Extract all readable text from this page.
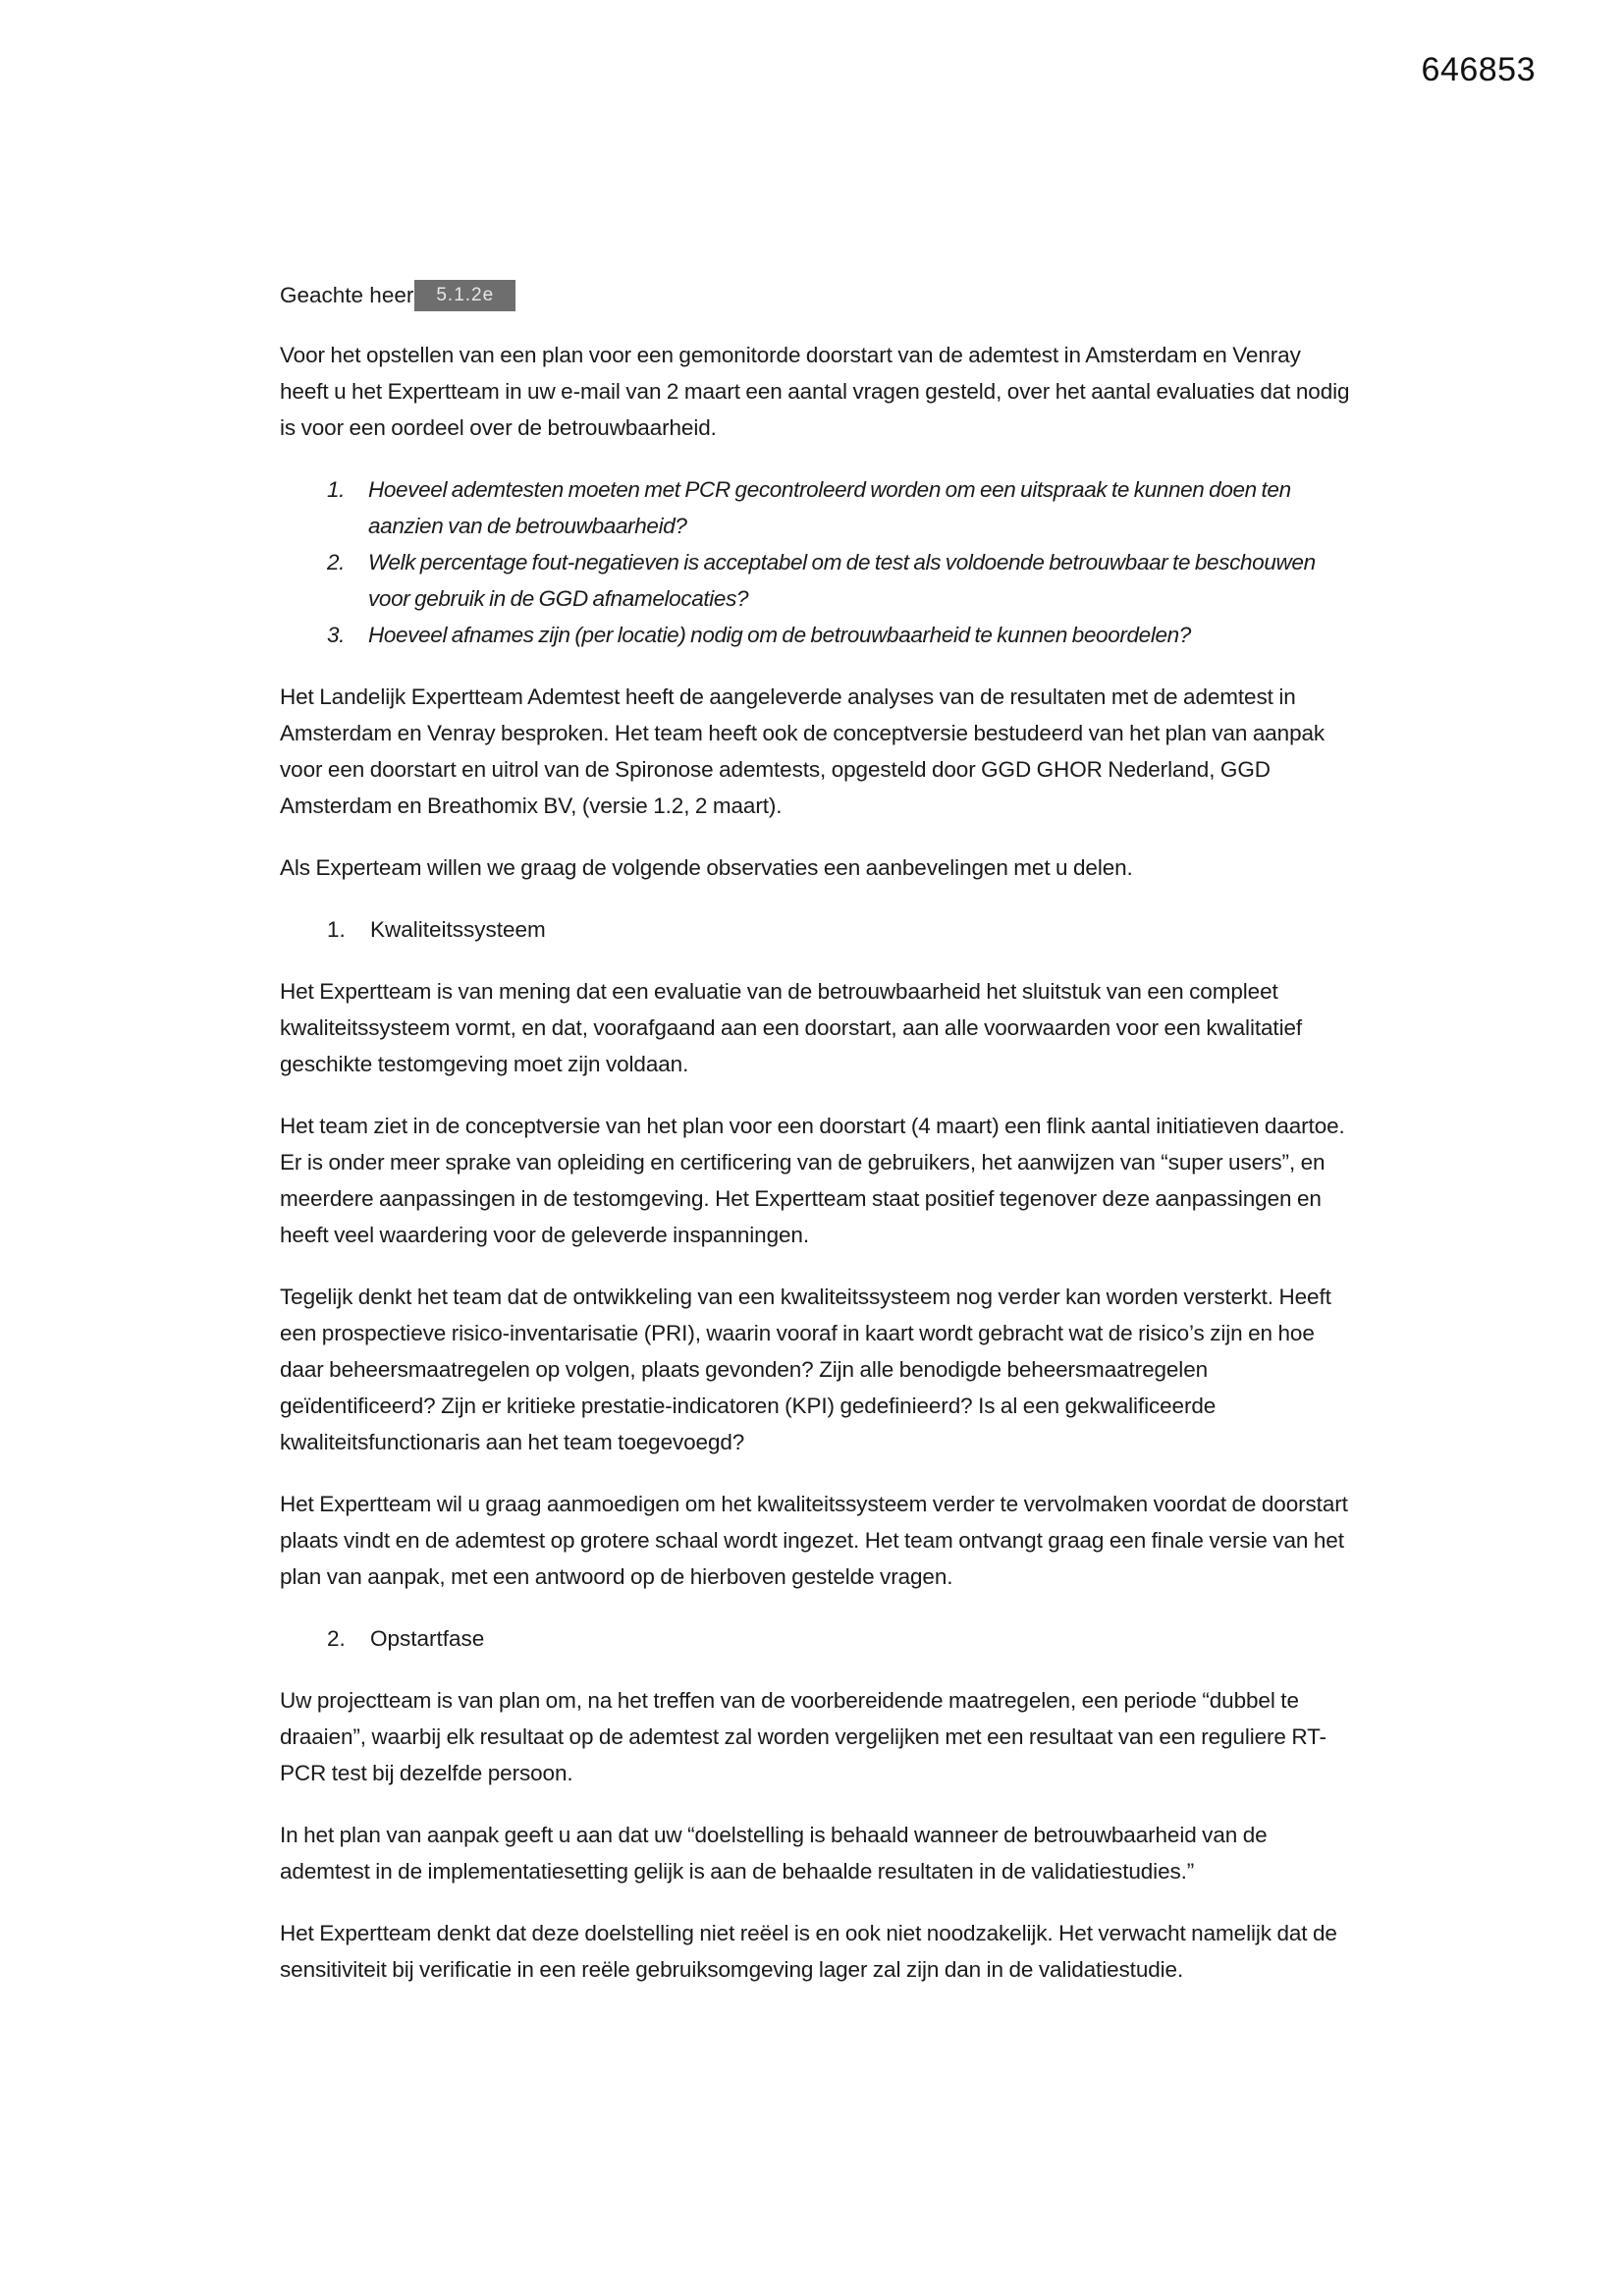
646853
Geachte heer	5.1.2e

Voor het opstellen van een plan voor een gemonitorde doorstart van de ademtest in Amsterdam en Venray heeft u het Expertteam in uw e-mail van 2 maart een aantal vragen gesteld, over het aantal evaluaties dat nodig is voor een oordeel over de betrouwbaarheid.

1.	Hoeveel ademtesten moeten met PCR gecontroleerd worden om een uitspraak te kunnen doen ten aanzien van de betrouwbaarheid?
2.	Welk percentage fout-negatieven is acceptabel om de test als voldoende betrouwbaar te beschouwen voor gebruik in de GGD afnamelocaties?
3.	Hoeveel afnames zijn (per locatie) nodig om de betrouwbaarheid te kunnen beoordelen?

Het Landelijk Expertteam Ademtest heeft de aangeleverde analyses van de resultaten met de ademtest in Amsterdam en Venray besproken. Het team heeft ook de conceptversie bestudeerd van het plan van aanpak voor een doorstart en uitrol van de Spironose ademtests, opgesteld door GGD GHOR Nederland, GGD Amsterdam en Breathomix BV, (versie 1.2, 2 maart).

Als Experteam willen we graag de volgende observaties een aanbevelingen met u delen.

1.	Kwaliteitssysteem

Het Expertteam is van mening dat een evaluatie van de betrouwbaarheid het sluitstuk van een compleet kwaliteitssysteem vormt, en dat, voorafgaand aan een doorstart, aan alle voorwaarden voor een kwalitatief geschikte testomgeving moet zijn voldaan.

Het team ziet in de conceptversie van het plan voor een doorstart (4 maart) een flink aantal initiatieven daartoe. Er is onder meer sprake van opleiding en certificering van de gebruikers, het aanwijzen van “super users”, en meerdere aanpassingen in de testomgeving. Het Expertteam staat positief tegenover deze aanpassingen en heeft veel waardering voor de geleverde inspanningen.

Tegelijk denkt het team dat de ontwikkeling van een kwaliteitssysteem nog verder kan worden versterkt. Heeft een prospectieve risico-inventarisatie (PRI), waarin vooraf in kaart wordt gebracht wat de risico’s zijn en hoe daar beheersmaatregelen op volgen, plaats gevonden? Zijn alle benodigde beheersmaatregelen geïdentificeerd? Zijn er kritieke prestatie-indicatoren (KPI) gedefinieerd? Is al een gekwalificeerde kwaliteitsfunctionaris aan het team toegevoegd?

Het Expertteam wil u graag aanmoedigen om het kwaliteitssysteem verder te vervolmaken voordat de doorstart plaats vindt en de ademtest op grotere schaal wordt ingezet. Het team ontvangt graag een finale versie van het plan van aanpak, met een antwoord op de hierboven gestelde vragen.

2.	Opstartfase

Uw projectteam is van plan om, na het treffen van de voorbereidende maatregelen, een periode “dubbel te draaien”, waarbij elk resultaat op de ademtest zal worden vergelijken met een resultaat van een reguliere RT-PCR test bij dezelfde persoon.

In het plan van aanpak geeft u aan dat uw “doelstelling is behaald wanneer de betrouwbaarheid van de ademtest in de implementatiesetting gelijk is aan de behaalde resultaten in de validatiestudies.”

Het Expertteam denkt dat deze doelstelling niet reëеl is en ook niet noodzakelijk. Het verwacht namelijk dat de sensitiviteit bij verificatie in een reële gebruiksomgeving lager zal zijn dan in de validatiestudie.
